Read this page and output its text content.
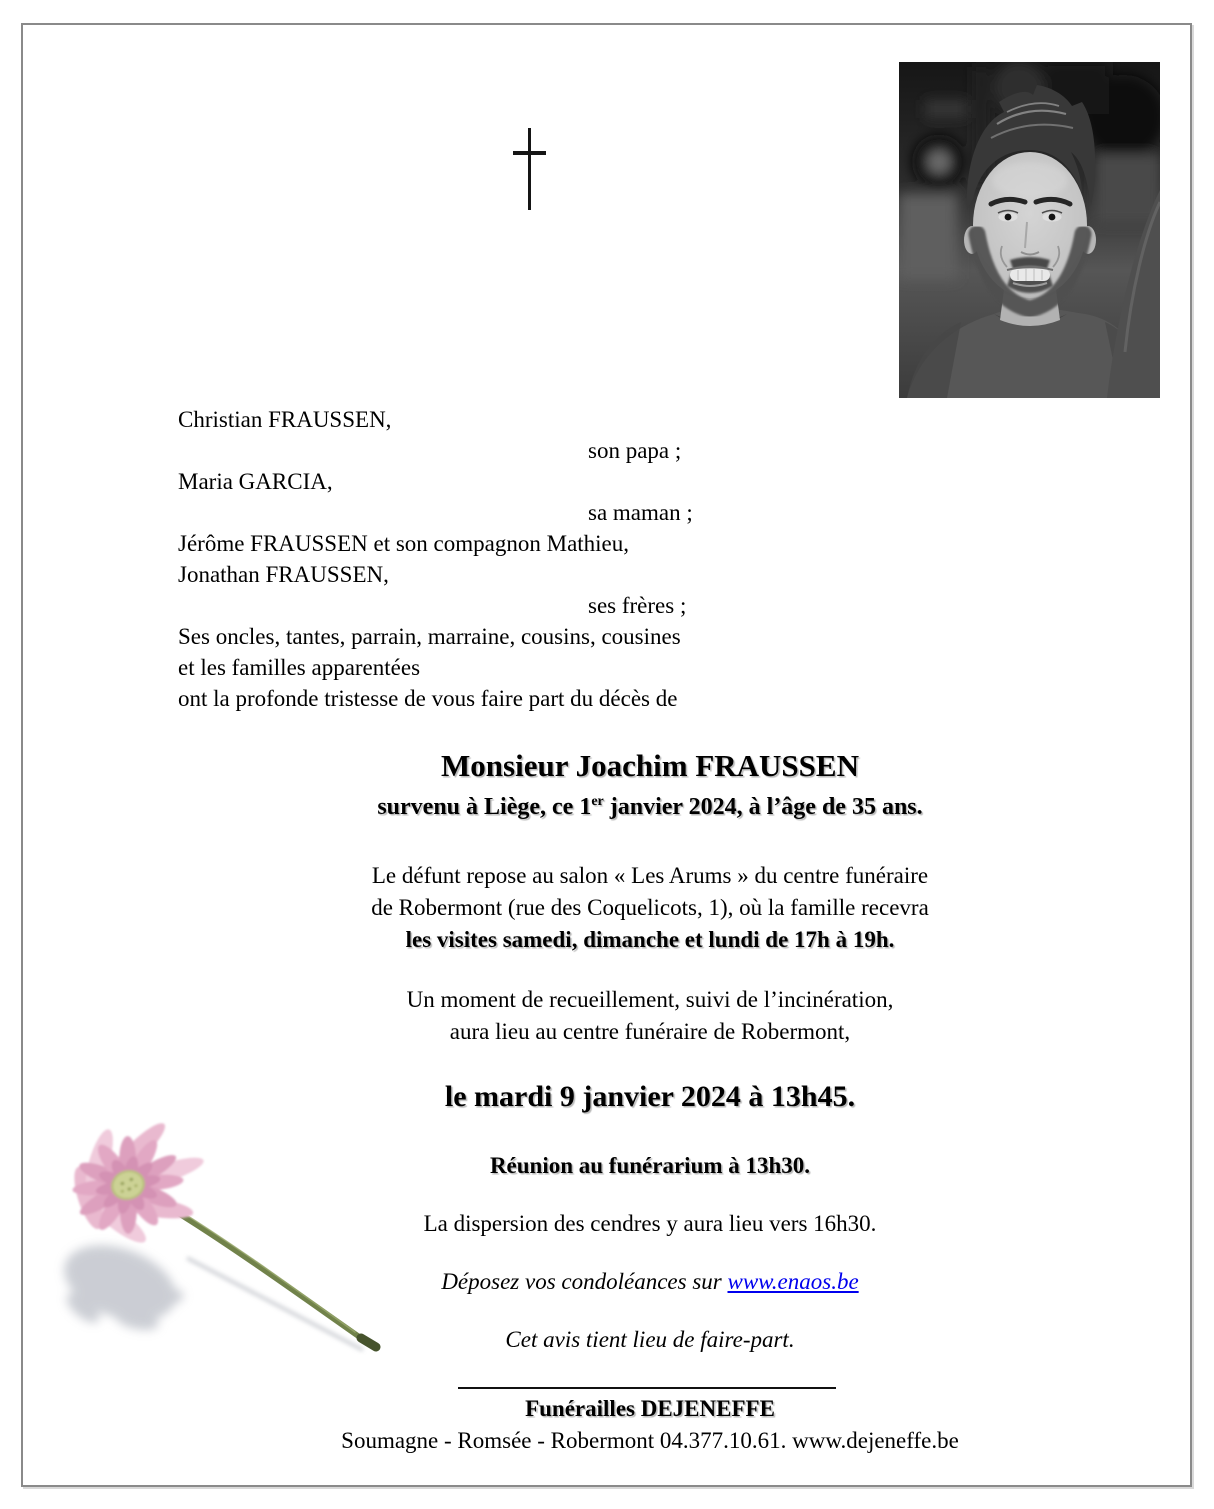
Christian FRAUSSEN,
son papa ;
Maria GARCIA,
sa maman ;
Jérôme FRAUSSEN et son compagnon Mathieu,
Jonathan FRAUSSEN,
ses frères ;
Ses oncles, tantes, parrain, marraine, cousins, cousines
et les familles apparentées
ont la profonde tristesse de vous faire part du décès de
Monsieur Joachim FRAUSSEN
survenu à Liège, ce 1er janvier 2024, à l’âge de 35 ans.
Le défunt repose au salon « Les Arums » du centre funéraire
de Robermont (rue des Coquelicots, 1), où la famille recevra
les visites samedi, dimanche et lundi de 17h à 19h.
Un moment de recueillement, suivi de l’incinération,
aura lieu au centre funéraire de Robermont,
le mardi 9 janvier 2024 à 13h45.
Réunion au funérarium à 13h30.
La dispersion des cendres y aura lieu vers 16h30.
Déposez vos condoléances sur www.enaos.be
Cet avis tient lieu de faire-part.
Funérailles DEJENEFFE
Soumagne - Romsée - Robermont 04.377.10.61. www.dejeneffe.be
